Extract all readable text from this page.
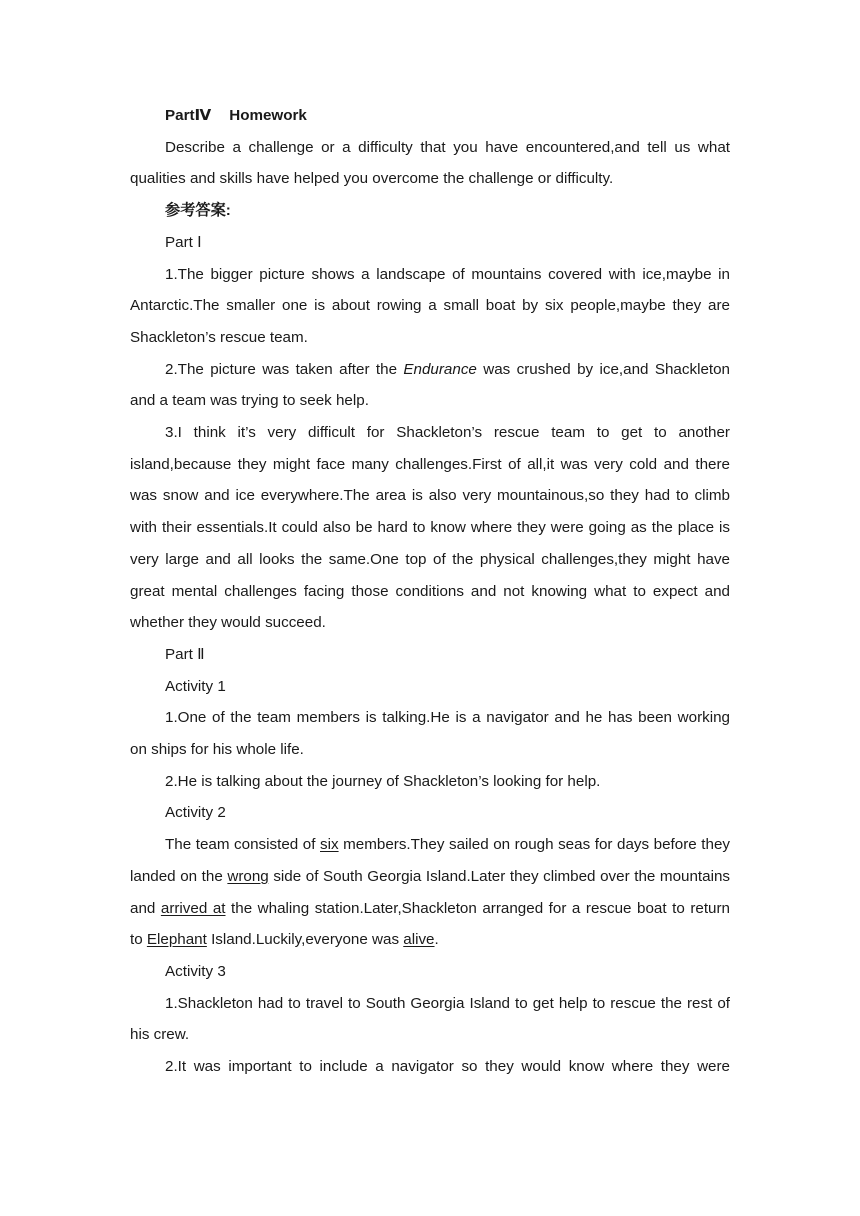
PartⅣ Homework

Describe a challenge or a difficulty that you have encountered,and tell us what qualities and skills have helped you overcome the challenge or difficulty.

参考答案:

Part Ⅰ

1.The bigger picture shows a landscape of mountains covered with ice,maybe in Antarctic.The smaller one is about rowing a small boat by six people,maybe they are Shackleton’s rescue team.

2.The picture was taken after the Endurance was crushed by ice,and Shackleton and a team was trying to seek help.

3.I think it’s very difficult for Shackleton’s rescue team to get to another island,because they might face many challenges.First of all,it was very cold and there was snow and ice everywhere.The area is also very mountainous,so they had to climb with their essentials.It could also be hard to know where they were going as the place is very large and all looks the same.One top of the physical challenges,they might have great mental challenges facing those conditions and not knowing what to expect and whether they would succeed.

Part Ⅱ

Activity 1

1.One of the team members is talking.He is a navigator and he has been working on ships for his whole life.

2.He is talking about the journey of Shackleton’s looking for help.

Activity 2

The team consisted of six members.They sailed on rough seas for days before they landed on the wrong side of South Georgia Island.Later they climbed over the mountains and arrived at the whaling station.Later,Shackleton arranged for a rescue boat to return to Elephant Island.Luckily,everyone was alive.

Activity 3

1.Shackleton had to travel to South Georgia Island to get help to rescue the rest of his crew.

2.It was important to include a navigator so they would know where they were
